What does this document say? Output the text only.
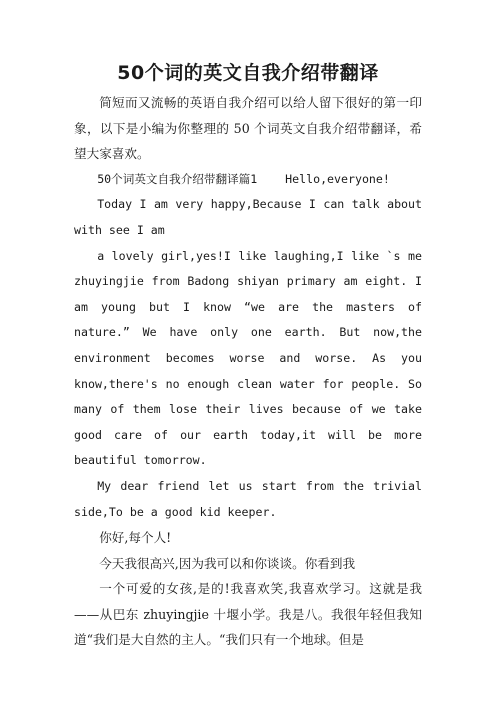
50个词的英文自我介绍带翻译

简短而又流畅的英语自我介绍可以给人留下很好的第一印象，以下是小编为你整理的 50 个词英文自我介绍带翻译，希望大家喜欢。

50个词英文自我介绍带翻译篇1    Hello,everyone!

Today I am very happy,Because I can talk about with see I am

a lovely girl,yes!I like laughing,I like `s me zhuyingjie from Badong shiyan primary am eight. I am young but I know “we are the masters of nature.” We have only one earth. But now,the environment becomes worse and worse. As you know,there's no enough clean water for people. So many of them lose their lives because of we take good care of our earth today,it will be more beautiful tomorrow.

My dear friend let us start from the trivial side,To be a good kid keeper.

你好,每个人!

今天我很高兴,因为我可以和你谈谈。你看到我

一个可爱的女孩,是的!我喜欢笑,我喜欢学习。这就是我——从巴东 zhuyingjie 十堰小学。我是八。我很年轻但我知道“我们是大自然的主人。“我们只有一个地球。但是
